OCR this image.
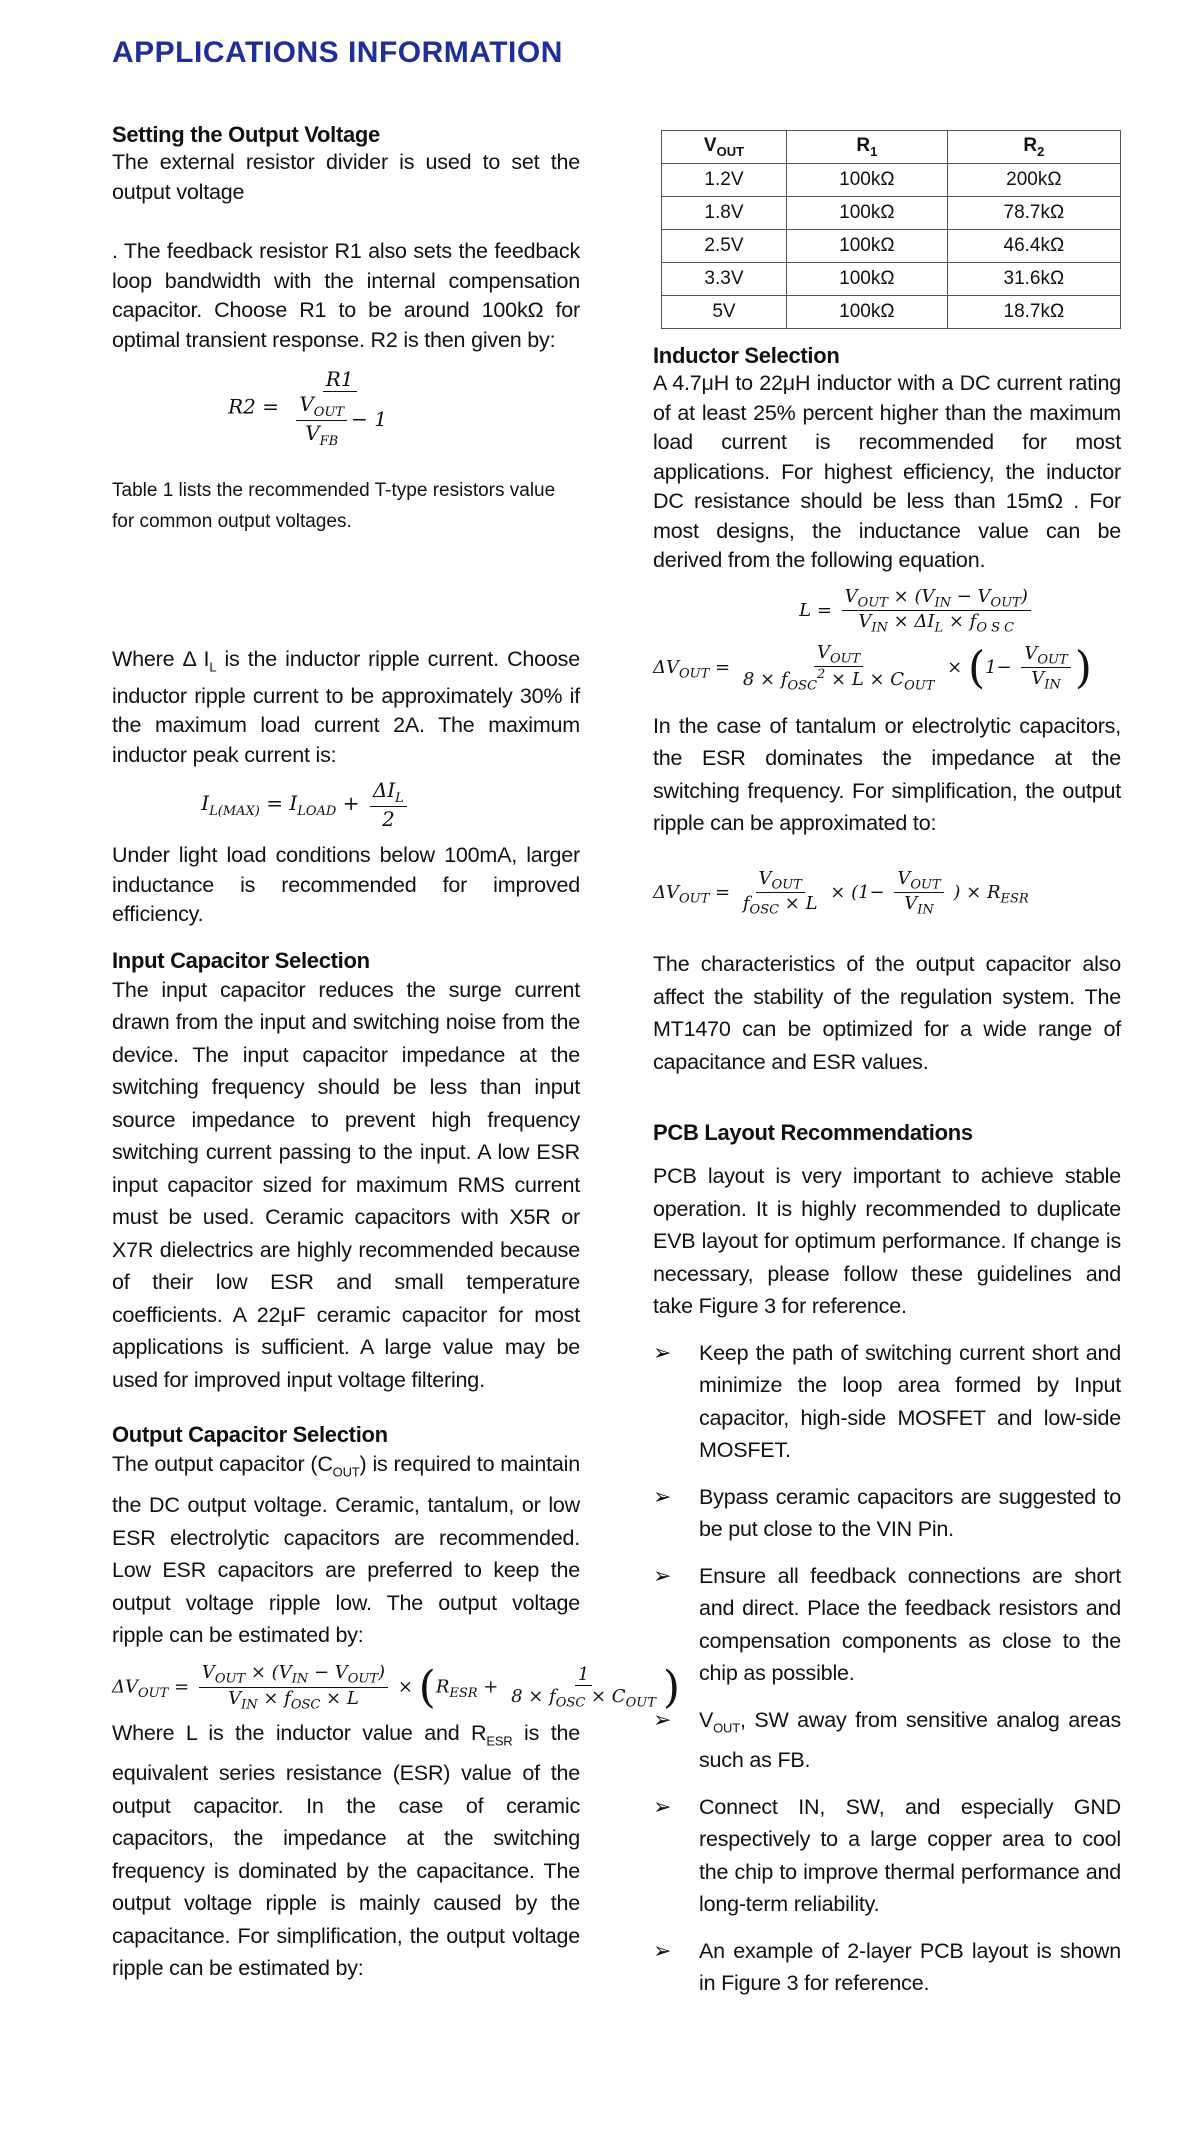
APPLICATIONS INFORMATION
Setting the Output Voltage
The external resistor divider is used to set the output voltage
. The feedback resistor R1 also sets the feedback loop bandwidth with the internal compensation capacitor. Choose R1 to be around 100kΩ for optimal transient response. R2 is then given by:
$R2 = \frac{R1}{\frac{V_{OUT}}{V_{FB}} - 1}$
Table 1 lists the recommended T-type resistors value for common output voltages.
Where Δ $I_L$ is the inductor ripple current. Choose inductor ripple current to be approximately 30% if the maximum load current 2A. The maximum inductor peak current is:
$I_{L(MAX)} = I_{LOAD} + \frac{\Delta I_L}{2}$
Under light load conditions below 100mA, larger inductance is recommended for improved efficiency.
Input Capacitor Selection
The input capacitor reduces the surge current drawn from the input and switching noise from the device. The input capacitor impedance at the switching frequency should be less than input source impedance to prevent high frequency switching current passing to the input. A low ESR input capacitor sized for maximum RMS current must be used. Ceramic capacitors with X5R or X7R dielectrics are highly recommended because of their low ESR and small temperature coefficients. A 22μF ceramic capacitor for most applications is sufficient. A large value may be used for improved input voltage filtering.
Output Capacitor Selection
The output capacitor $(C_{OUT})$ is required to maintain the DC output voltage. Ceramic, tantalum, or low ESR electrolytic capacitors are recommended. Low ESR capacitors are preferred to keep the output voltage ripple low. The output voltage ripple can be estimated by:
$\Delta V_{OUT} = \frac{V_{OUT} \times (V_{IN} - V_{OUT})}{V_{IN} \times f_{OSC} \times L} \times (R_{ESR} + \frac{1}{8 \times f_{OSC} \times C_{OUT}}$ )
Where L is the inductor value and $R_{ESR}$ is the equivalent series resistance (ESR) value of the output capacitor. In the case of ceramic capacitors, the impedance at the switching frequency is dominated by the capacitance. The output voltage ripple is mainly caused by the capacitance. For simplification, the output voltage ripple can be estimated by:
$V_{OUT}$	$R_1$	$R_2$
1.2V	100kΩ	200kΩ
1.8V	100kΩ	78.7kΩ
2.5V	100kΩ	46.4kΩ
3.3V	100kΩ	31.6kΩ
5V	100kΩ	18.7kΩ
Inductor Selection
A 4.7μH to 22μH inductor with a DC current rating of at least 25% percent higher than the maximum load current is recommended for most applications. For highest efficiency, the inductor DC resistance should be less than 15mΩ . For most designs, the inductance value can be derived from the following equation.
$L = \frac{V_{OUT} \times (V_{IN} - V_{OUT})}{V_{IN} \times \Delta I_L \times f_{O S C}}$
$\Delta V_{OUT} = \frac{V_{OUT}}{8 \times f_{OSC}^2 \times L \times C_{OUT}} \times (1- \frac{V_{OUT}}{V_{IN}}$ )
In the case of tantalum or electrolytic capacitors, the ESR dominates the impedance at the switching frequency. For simplification, the output ripple can be approximated to:
$\Delta V_{OUT} = \frac{V_{OUT}}{f_{OSC} \times L} \times (1- \frac{V_{OUT}}{V_{IN}}$ ) × $R_{ESR}$
The characteristics of the output capacitor also affect the stability of the regulation system. The MT1470 can be optimized for a wide range of capacitance and ESR values.
PCB Layout Recommendations
PCB layout is very important to achieve stable operation. It is highly recommended to duplicate EVB layout for optimum performance. If change is necessary, please follow these guidelines and take Figure 3 for reference.
➢ Keep the path of switching current short and minimize the loop area formed by Input capacitor, high-side MOSFET and low-side MOSFET.
➢ Bypass ceramic capacitors are suggested to be put close to the VIN Pin.
➢ Ensure all feedback connections are short and direct. Place the feedback resistors and compensation components as close to the chip as possible.
➢ $V_{OUT}$, SW away from sensitive analog areas such as FB.
➢ Connect IN, SW, and especially GND respectively to a large copper area to cool the chip to improve thermal performance and long-term reliability.
➢ An example of 2-layer PCB layout is shown in Figure 3 for reference.
